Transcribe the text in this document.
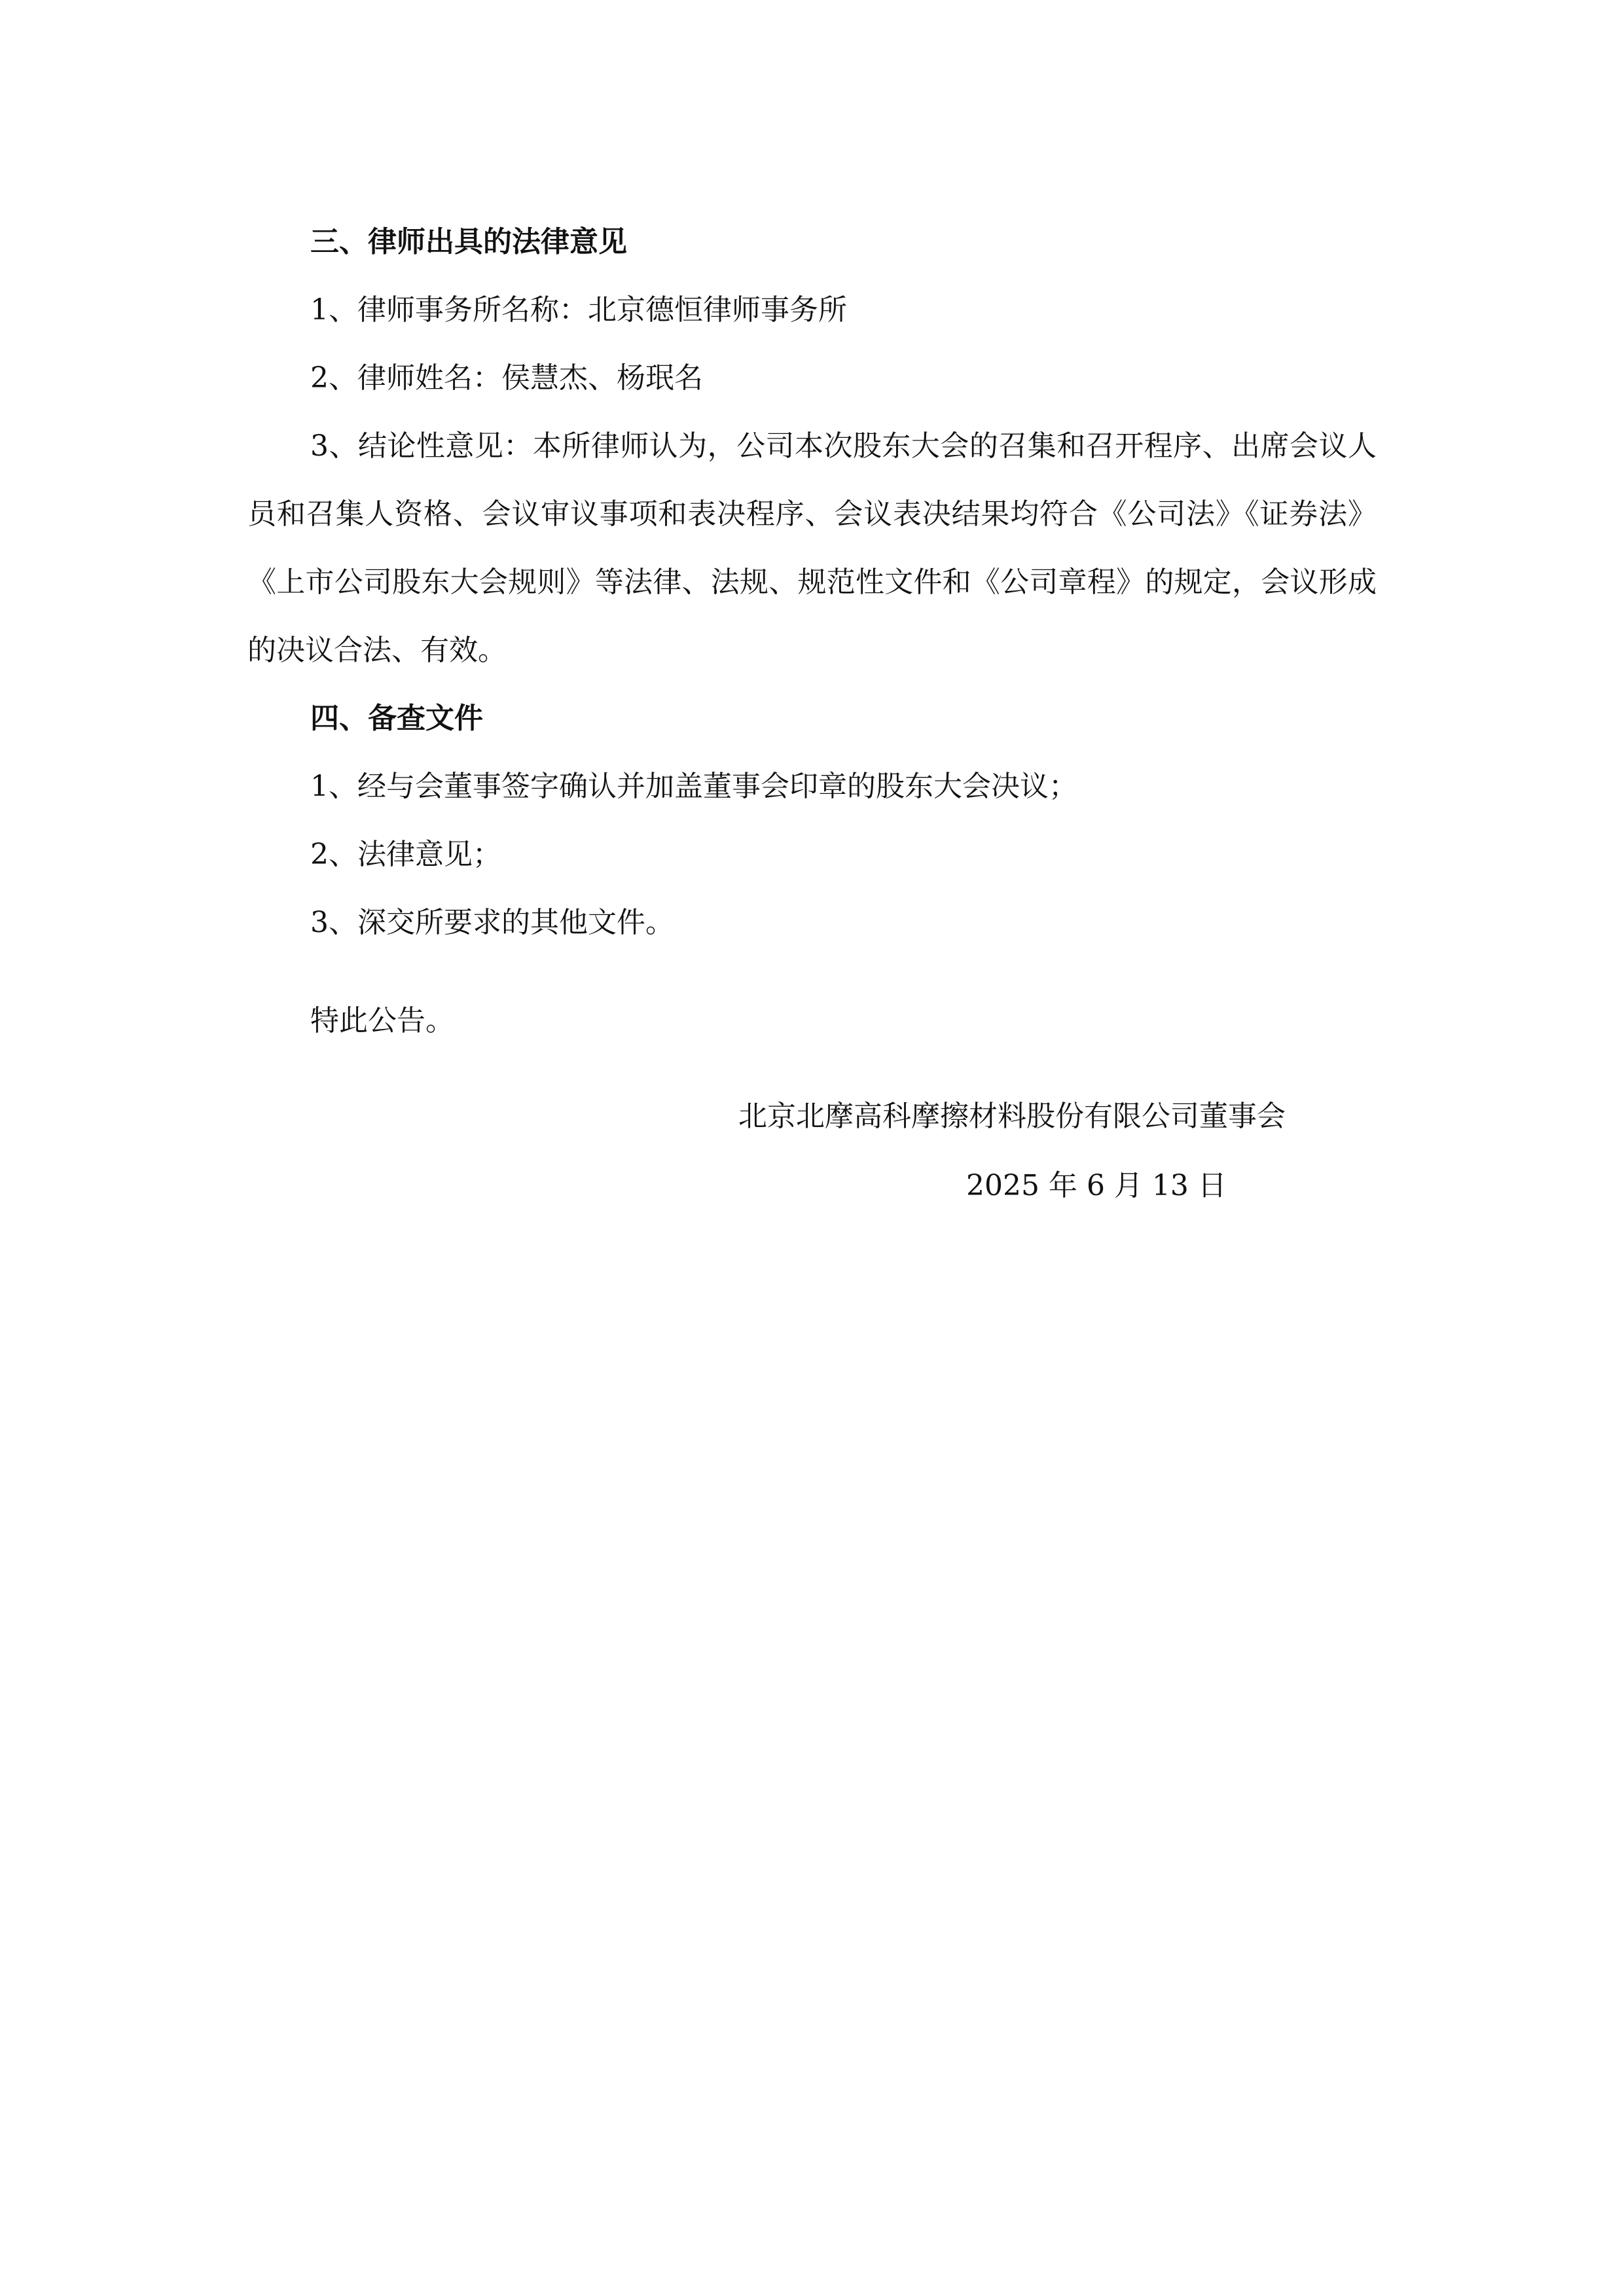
三、律师出具的法律意见

1、律师事务所名称：北京德恒律师事务所

2、律师姓名：侯慧杰、杨珉名

3、结论性意见：本所律师认为，公司本次股东大会的召集和召开程序、出席会议人员和召集人资格、会议审议事项和表决程序、会议表决结果均符合《公司法》《证券法》《上市公司股东大会规则》等法律、法规、规范性文件和《公司章程》的规定，会议形成的决议合法、有效。

四、备查文件

1、经与会董事签字确认并加盖董事会印章的股东大会决议；

2、法律意见；

3、深交所要求的其他文件。

特此公告。

北京北摩高科摩擦材料股份有限公司董事会
2025 年 6 月 13 日
